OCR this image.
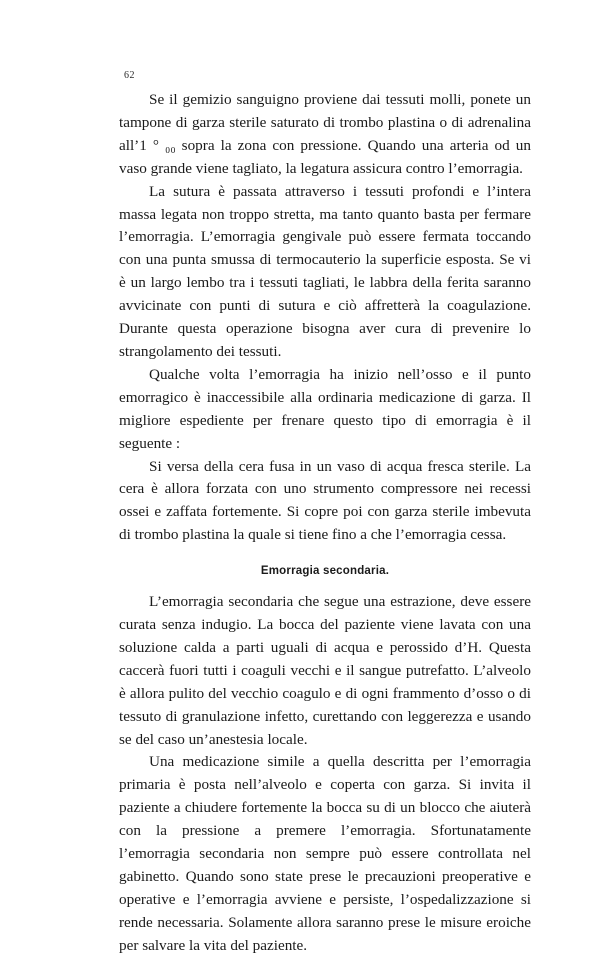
62

Se il gemizio sanguigno proviene dai tessuti molli, ponete un tampone di garza sterile saturato di trombo plastina o di adrenalina all’1 ° ₀₀ sopra la zona con pressione. Quando una arteria od un vaso grande viene tagliato, la legatura assicura contro l’emorragia.

La sutura è passata attraverso i tessuti profondi e l’intera massa legata non troppo stretta, ma tanto quanto basta per fermare l’emorragia. L’emorragia gengivale può essere fermata toccando con una punta smussa di termocauterio la superficie esposta. Se vi è un largo lembo tra i tessuti tagliati, le labbra della ferita saranno avvicinate con punti di sutura e ciò affretterà la coagulazione. Durante questa operazione bisogna aver cura di prevenire lo strangolamento dei tessuti.

Qualche volta l’emorragia ha inizio nell’osso e il punto emorragico è inaccessibile alla ordinaria medicazione di garza. Il migliore espediente per frenare questo tipo di emorragia è il seguente :

Si versa della cera fusa in un vaso di acqua fresca sterile. La cera è allora forzata con uno strumento compressore nei recessi ossei e zaffata fortemente. Si copre poi con garza sterile imbevuta di trombo plastina la quale si tiene fino a che l’emorragia cessa.

Emorragia secondaria.

L’emorragia secondaria che segue una estrazione, deve essere curata senza indugio. La bocca del paziente viene lavata con una soluzione calda a parti uguali di acqua e perossido d’H. Questa caccerà fuori tutti i coaguli vecchi e il sangue putrefatto. L’alveolo è allora pulito del vecchio coagulo e di ogni frammento d’osso o di tessuto di granulazione infetto, curettando con leggerezza e usando se del caso un’anestesia locale.

Una medicazione simile a quella descritta per l’emorragia primaria è posta nell’alveolo e coperta con garza. Si invita il paziente a chiudere fortemente la bocca su di un blocco che aiuterà con la pressione a premere l’emorragia. Sfortunatamente l’emorragia secondaria non sempre può essere controllata nel gabinetto. Quando sono state prese le precauzioni preoperative e operative e l’emorragia avviene e persiste, l’ospedalizzazione si rende necessaria. Solamente allora saranno prese le misure eroiche per salvare la vita del paziente.
